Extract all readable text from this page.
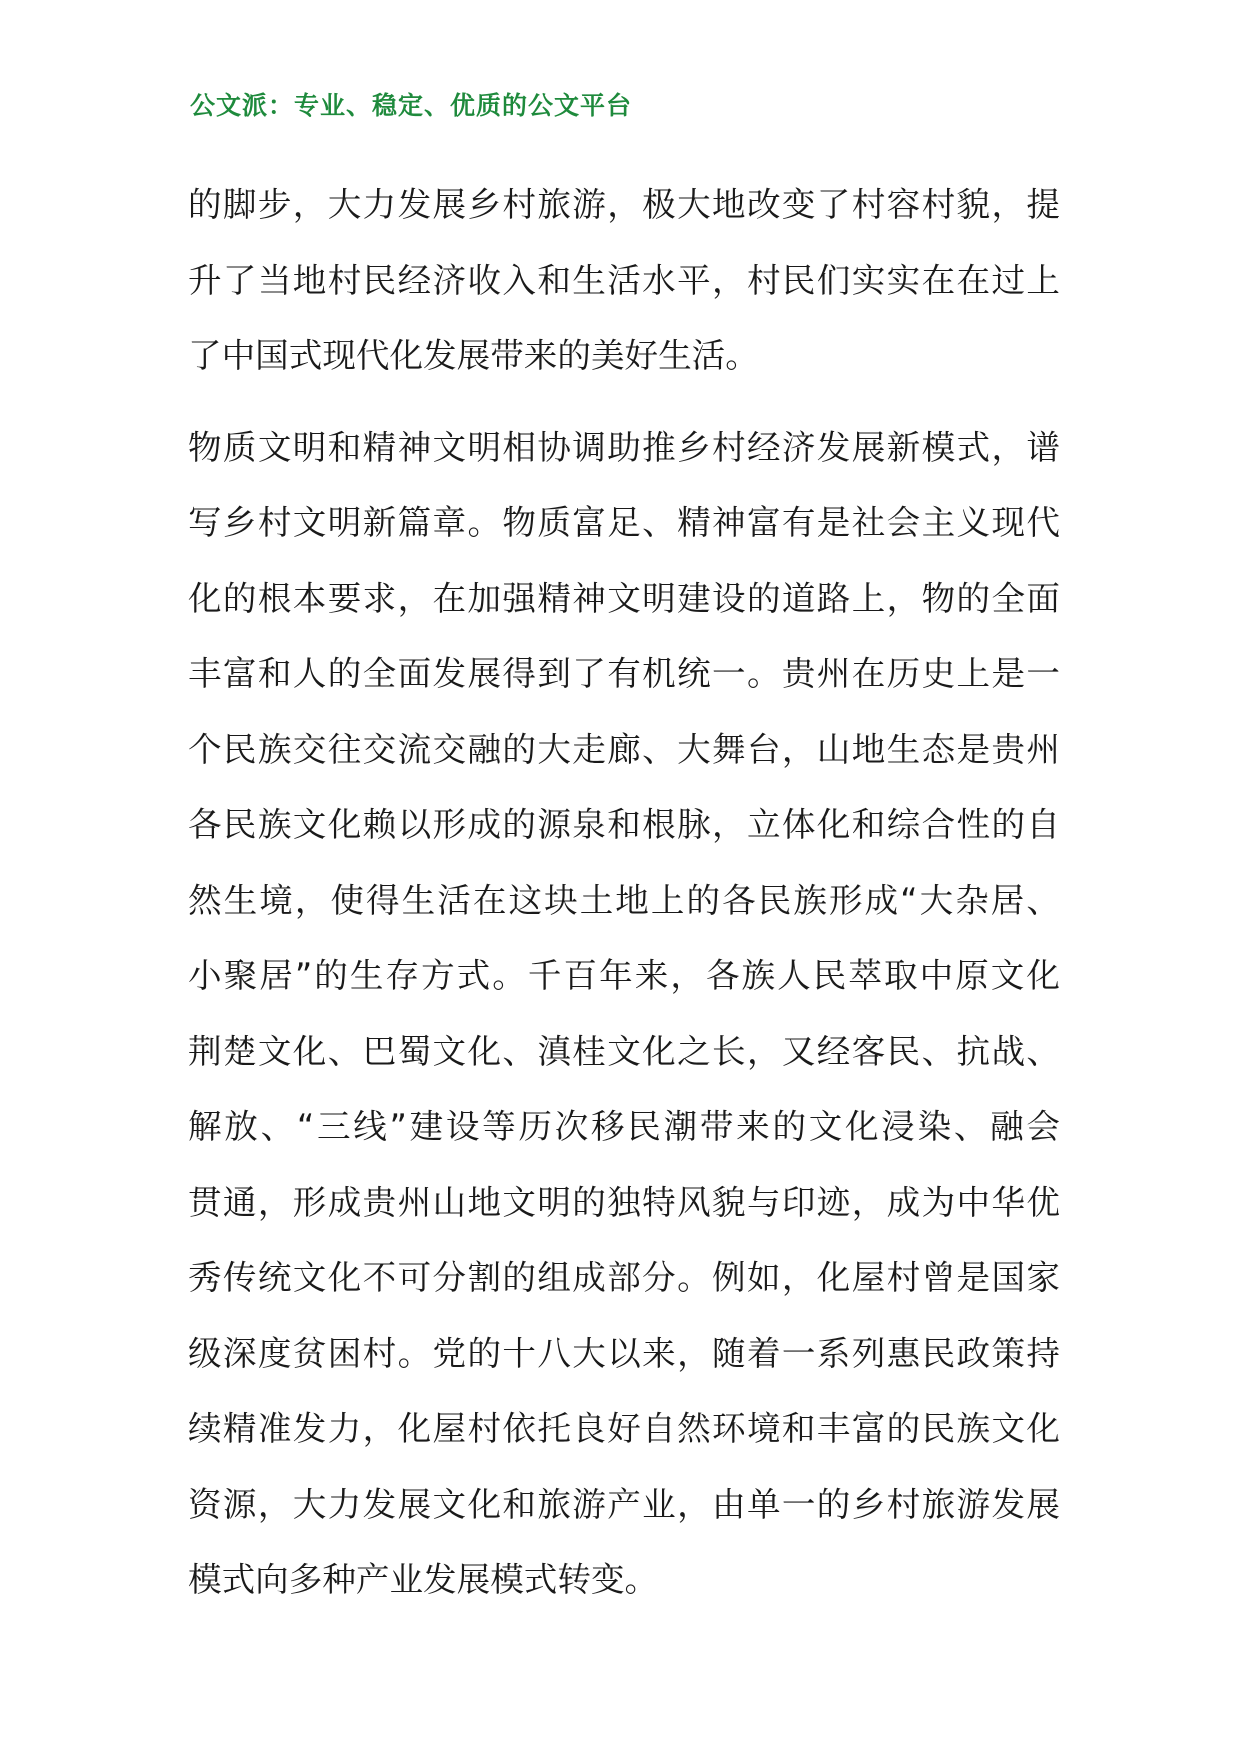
公文派：专业、稳定、优质的公文平台
的脚步，大力发展乡村旅游，极大地改变了村容村貌，提
升了当地村民经济收入和生活水平，村民们实实在在过上
了中国式现代化发展带来的美好生活。
物质文明和精神文明相协调助推乡村经济发展新模式，谱
写乡村文明新篇章。物质富足、精神富有是社会主义现代
化的根本要求，在加强精神文明建设的道路上，物的全面
丰富和人的全面发展得到了有机统一。贵州在历史上是一
个民族交往交流交融的大走廊、大舞台，山地生态是贵州
各民族文化赖以形成的源泉和根脉，立体化和综合性的自
然生境，使得生活在这块土地上的各民族形成“大杂居、
小聚居”的生存方式。千百年来，各族人民萃取中原文化
荆楚文化、巴蜀文化、滇桂文化之长，又经客民、抗战、
解放、“三线”建设等历次移民潮带来的文化浸染、融会
贯通，形成贵州山地文明的独特风貌与印迹，成为中华优
秀传统文化不可分割的组成部分。例如，化屋村曾是国家
级深度贫困村。党的十八大以来，随着一系列惠民政策持
续精准发力，化屋村依托良好自然环境和丰富的民族文化
资源，大力发展文化和旅游产业，由单一的乡村旅游发展
模式向多种产业发展模式转变。
